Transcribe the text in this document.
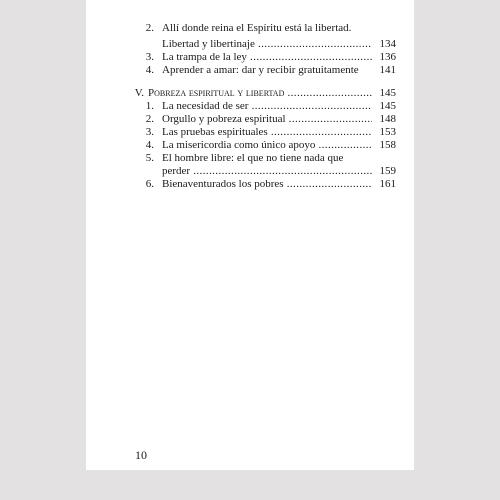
2. Allí donde reina el Espíritu está la libertad.
Libertad y libertinaje .....	134
3. La trampa de la ley .....	136
4. Aprender a amar: dar y recibir gratuitamente	141
V. Pobreza espiritual y libertad .....	145
1. La necesidad de ser .....	145
2. Orgullo y pobreza espiritual .....	148
3. Las pruebas espirituales .....	153
4. La misericordia como único apoyo .....	158
5. El hombre libre: el que no tiene nada que
perder .....	159
6. Bienaventurados los pobres .....	161
10
